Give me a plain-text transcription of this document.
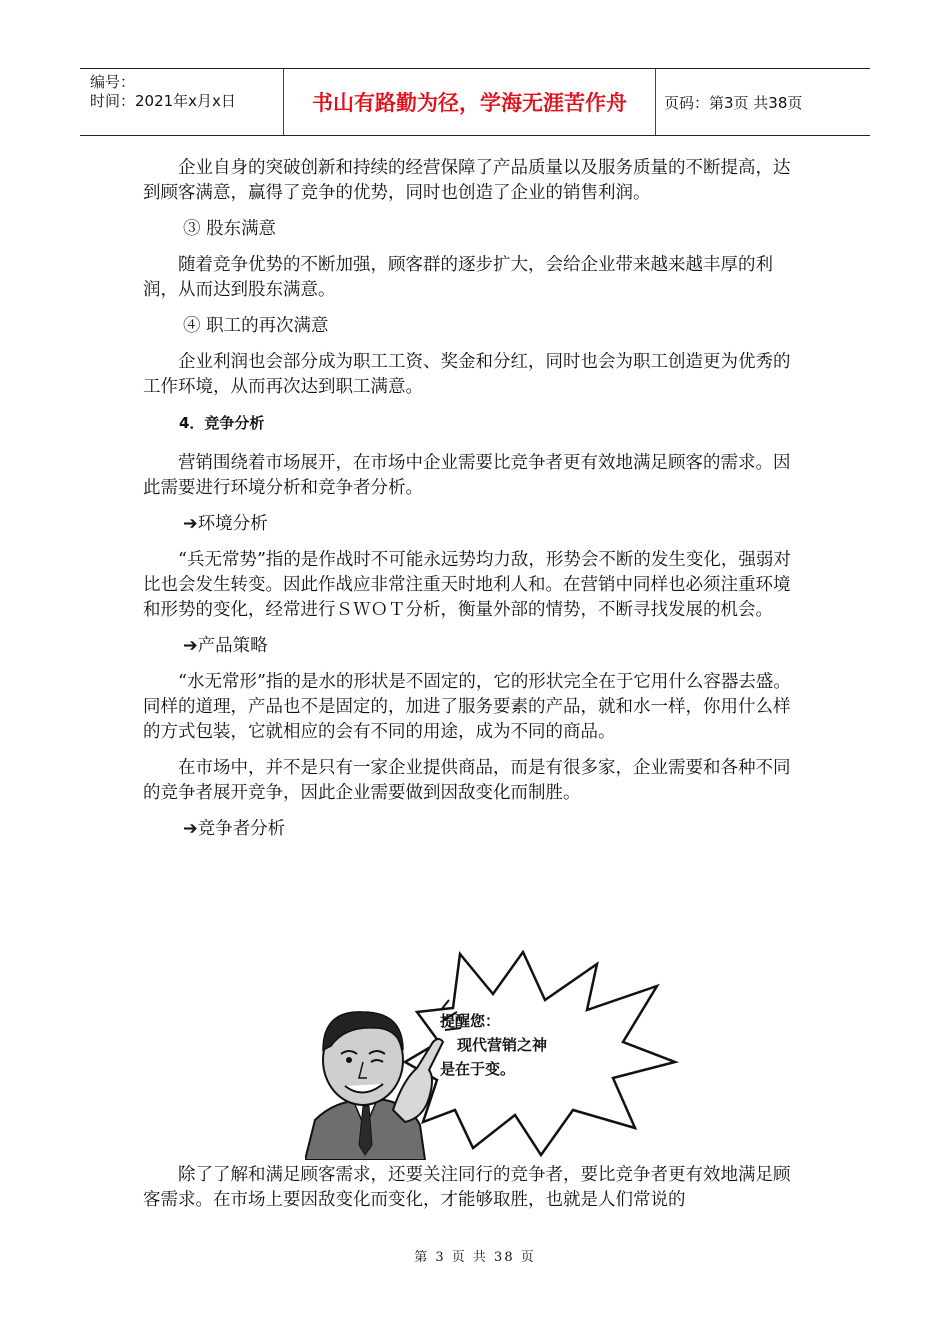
编号：
时间：2021年x月x日	书山有路勤为径，学海无涯苦作舟	页码：第3页 共38页

企业自身的突破创新和持续的经营保障了产品质量以及服务质量的不断提高，达到顾客满意，赢得了竞争的优势，同时也创造了企业的销售利润。

③ 股东满意

随着竞争优势的不断加强，顾客群的逐步扩大，会给企业带来越来越丰厚的利润，从而达到股东满意。

④ 职工的再次满意

企业利润也会部分成为职工工资、奖金和分红，同时也会为职工创造更为优秀的工作环境，从而再次达到职工满意。

4．竞争分析

营销围绕着市场展开，在市场中企业需要比竞争者更有效地满足顾客的需求。因此需要进行环境分析和竞争者分析。

➔环境分析

“兵无常势”指的是作战时不可能永远势均力敌，形势会不断的发生变化，强弱对比也会发生转变。因此作战应非常注重天时地利人和。在营销中同样也必须注重环境和形势的变化，经常进行ＳＷＯＴ分析，衡量外部的情势，不断寻找发展的机会。

➔产品策略

“水无常形”指的是水的形状是不固定的，它的形状完全在于它用什么容器去盛。同样的道理，产品也不是固定的，加进了服务要素的产品，就和水一样，你用什么样的方式包装，它就相应的会有不同的用途，成为不同的商品。

在市场中，并不是只有一家企业提供商品，而是有很多家，企业需要和各种不同的竞争者展开竞争，因此企业需要做到因敌变化而制胜。

➔竞争者分析

提醒您：
现代营销之神
是在于变。

除了了解和满足顾客需求，还要关注同行的竞争者，要比竞争者更有效地满足顾客需求。在市场上要因敌变化而变化，才能够取胜，也就是人们常说的

第 3 页 共 38 页
